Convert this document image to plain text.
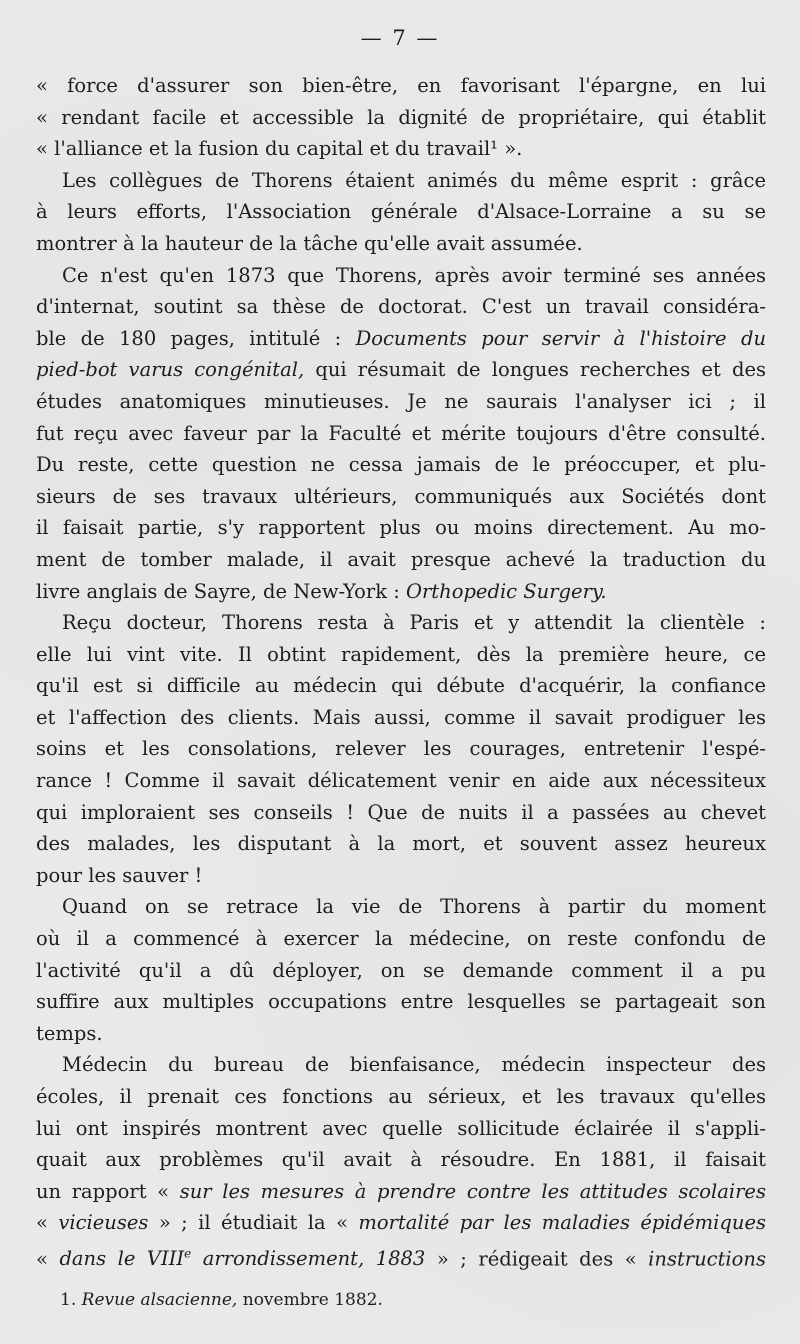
— 7 —
« force d'assurer son bien-être, en favorisant l'épargne, en lui
« rendant facile et accessible la dignité de propriétaire, qui établit
« l'alliance et la fusion du capital et du travail¹ ».
Les collègues de Thorens étaient animés du même esprit : grâce
à leurs efforts, l'Association générale d'Alsace-Lorraine a su se
montrer à la hauteur de la tâche qu'elle avait assumée.
Ce n'est qu'en 1873 que Thorens, après avoir terminé ses années
d'internat, soutint sa thèse de doctorat. C'est un travail considéra-
ble de 180 pages, intitulé : Documents pour servir à l'histoire du
pied-bot varus congénital, qui résumait de longues recherches et des
études anatomiques minutieuses. Je ne saurais l'analyser ici ; il
fut reçu avec faveur par la Faculté et mérite toujours d'être consulté.
Du reste, cette question ne cessa jamais de le préoccuper, et plu-
sieurs de ses travaux ultérieurs, communiqués aux Sociétés dont
il faisait partie, s'y rapportent plus ou moins directement. Au mo-
ment de tomber malade, il avait presque achevé la traduction du
livre anglais de Sayre, de New-York : Orthopedic Surgery.
Reçu docteur, Thorens resta à Paris et y attendit la clientèle :
elle lui vint vite. Il obtint rapidement, dès la première heure, ce
qu'il est si difficile au médecin qui débute d'acquérir, la confiance
et l'affection des clients. Mais aussi, comme il savait prodiguer les
soins et les consolations, relever les courages, entretenir l'espé-
rance ! Comme il savait délicatement venir en aide aux nécessiteux
qui imploraient ses conseils ! Que de nuits il a passées au chevet
des malades, les disputant à la mort, et souvent assez heureux
pour les sauver !
Quand on se retrace la vie de Thorens à partir du moment
où il a commencé à exercer la médecine, on reste confondu de
l'activité qu'il a dû déployer, on se demande comment il a pu
suffire aux multiples occupations entre lesquelles se partageait son
temps.
Médecin du bureau de bienfaisance, médecin inspecteur des
écoles, il prenait ces fonctions au sérieux, et les travaux qu'elles
lui ont inspirés montrent avec quelle sollicitude éclairée il s'appli-
quait aux problèmes qu'il avait à résoudre. En 1881, il faisait
un rapport « sur les mesures à prendre contre les attitudes scolaires
« vicieuses » ; il étudiait la « mortalité par les maladies épidémiques
« dans le VIIIe arrondissement, 1883 » ; rédigeait des « instructions
1. Revue alsacienne, novembre 1882.
